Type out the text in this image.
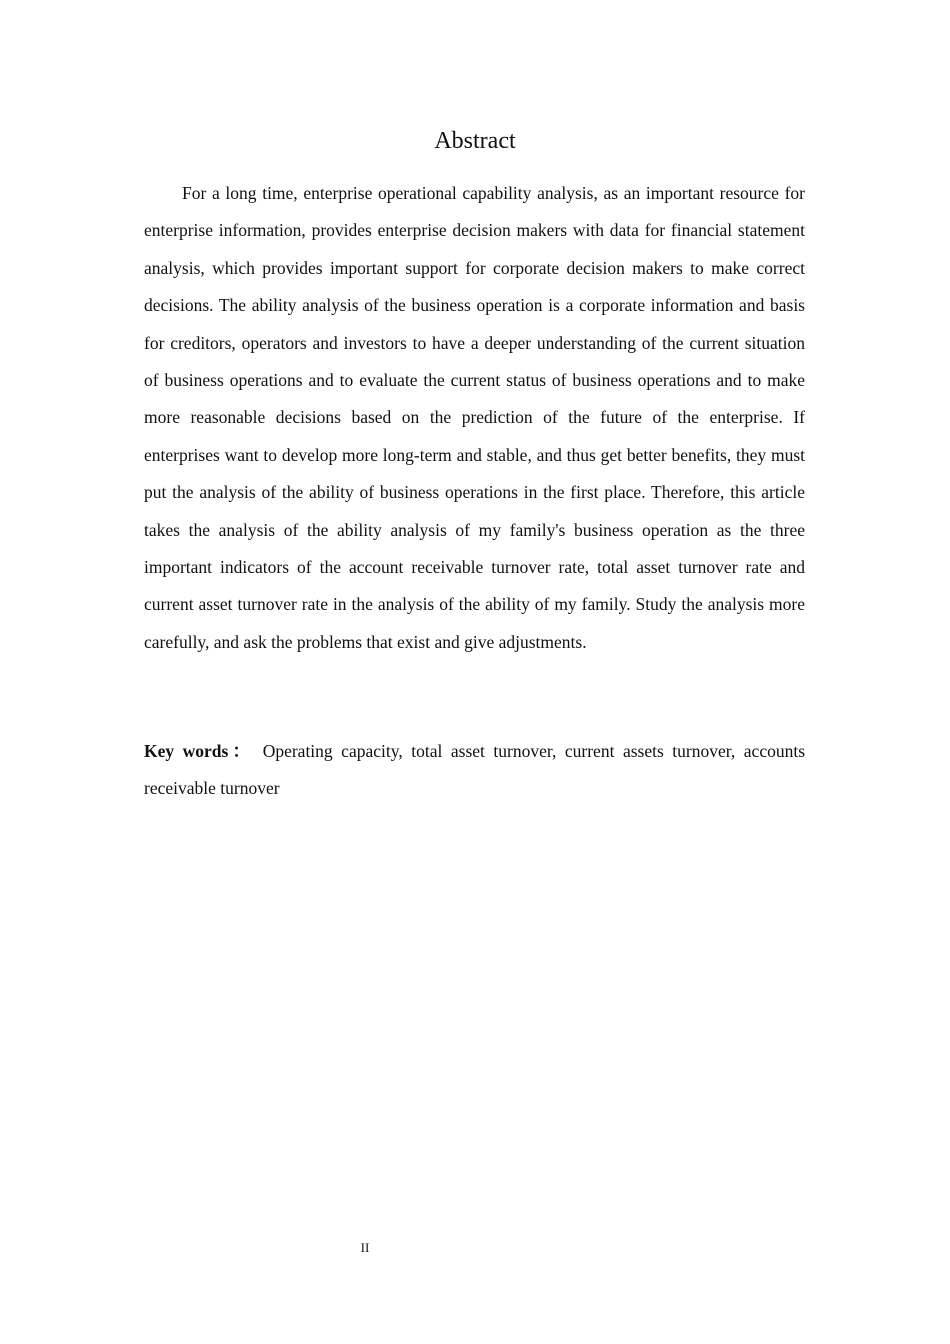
Abstract

For a long time, enterprise operational capability analysis, as an important resource for enterprise information, provides enterprise decision makers with data for financial statement analysis, which provides important support for corporate decision makers to make correct decisions. The ability analysis of the business operation is a corporate information and basis for creditors, operators and investors to have a deeper understanding of the current situation of business operations and to evaluate the current status of business operations and to make more reasonable decisions based on the prediction of the future of the enterprise. If enterprises want to develop more long-term and stable, and thus get better benefits, they must put the analysis of the ability of business operations in the first place. Therefore, this article takes the analysis of the ability analysis of my family's business operation as the three important indicators of the account receivable turnover rate, total asset turnover rate and current asset turnover rate in the analysis of the ability of my family. Study the analysis more carefully, and ask the problems that exist and give adjustments.

Key words： Operating capacity, total asset turnover, current assets turnover, accounts receivable turnover

II
